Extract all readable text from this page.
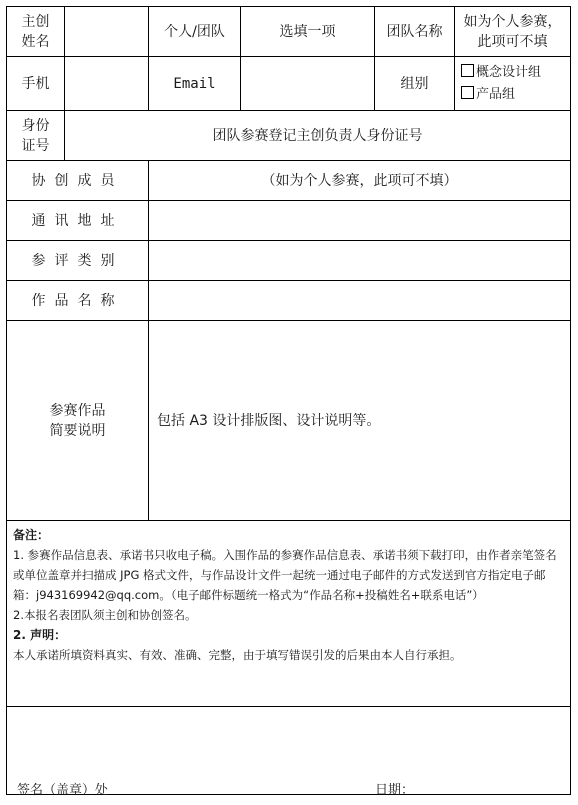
主创
姓名		个人/团队	选填一项	团队名称	如为个人参赛，
此项可不填
手机		Email		组别	概念设计组
产品组

身份
证号	团队参赛登记主创负责人身份证号				
协创成员		（如为个人参赛，此项可不填）			
通讯地址					
参评类别					
作品名称					
参赛作品
简要说明		包括 A3 设计排版图、设计说明等。			

备注：

1. 参赛作品信息表、承诺书只收电子稿。入围作品的参赛作品信息表、承诺书须下载打印，由作者亲笔签名或单位盖章并扫描成 JPG 格式文件，与作品设计文件一起统一通过电子邮件的方式发送到官方指定电子邮箱：j943169942@qq.com。（电子邮件标题统一格式为“作品名称+投稿姓名+联系电话”）

2.本报名表团队须主创和协创签名。

2. 声明：

本人承诺所填资料真实、有效、准确、完整，由于填写错误引发的后果由本人自行承担。					

签名（盖章）处 日期：					
